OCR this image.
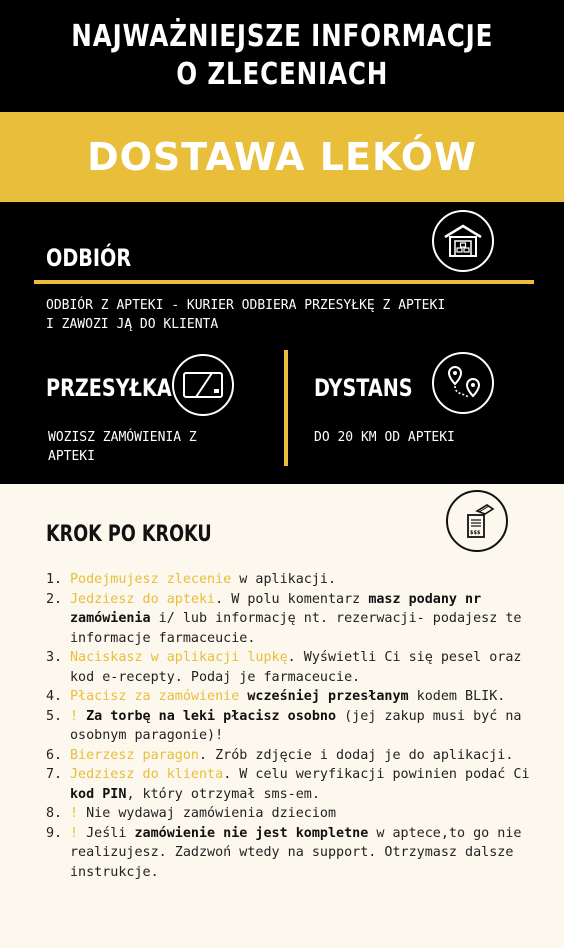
NAJWAŻNIEJSZE INFORMACJE
O ZLECENIACH
DOSTAWA LEKÓW
ODBIÓR
ODBIÓR Z APTEKI - KURIER ODBIERA PRZESYŁKĘ Z APTEKI
I ZAWOZI JĄ DO KLIENTA
PRZESYŁKA
WOZISZ ZAMÓWIENIA Z
APTEKI
DYSTANS
DO 20 KM OD APTEKI
KROK PO KROKU	$$$
1. Podejmujesz zlecenie w aplikacji.
2. Jedziesz do apteki. W polu komentarz masz podany nr zamówienia i/ lub informację nt. rezerwacji- podajesz te informacje farmaceucie.
3. Naciskasz w aplikacji lupkę. Wyświetli Ci się pesel oraz kod e-recepty. Podaj je farmaceucie.
4. Płacisz za zamówienie wcześniej przesłanym kodem BLIK.
5. ! Za torbę na leki płacisz osobno (jej zakup musi być na osobnym paragonie)!
6. Bierzesz paragon. Zrób zdjęcie i dodaj je do aplikacji.
7. Jedziesz do klienta. W celu weryfikacji powinien podać Ci kod PIN, który otrzymał sms-em.
8. ! Nie wydawaj zamówienia dzieciom
9. ! Jeśli zamówienie nie jest kompletne w aptece,to go nie realizujesz. Zadzwoń wtedy na support. Otrzymasz dalsze instrukcje.
